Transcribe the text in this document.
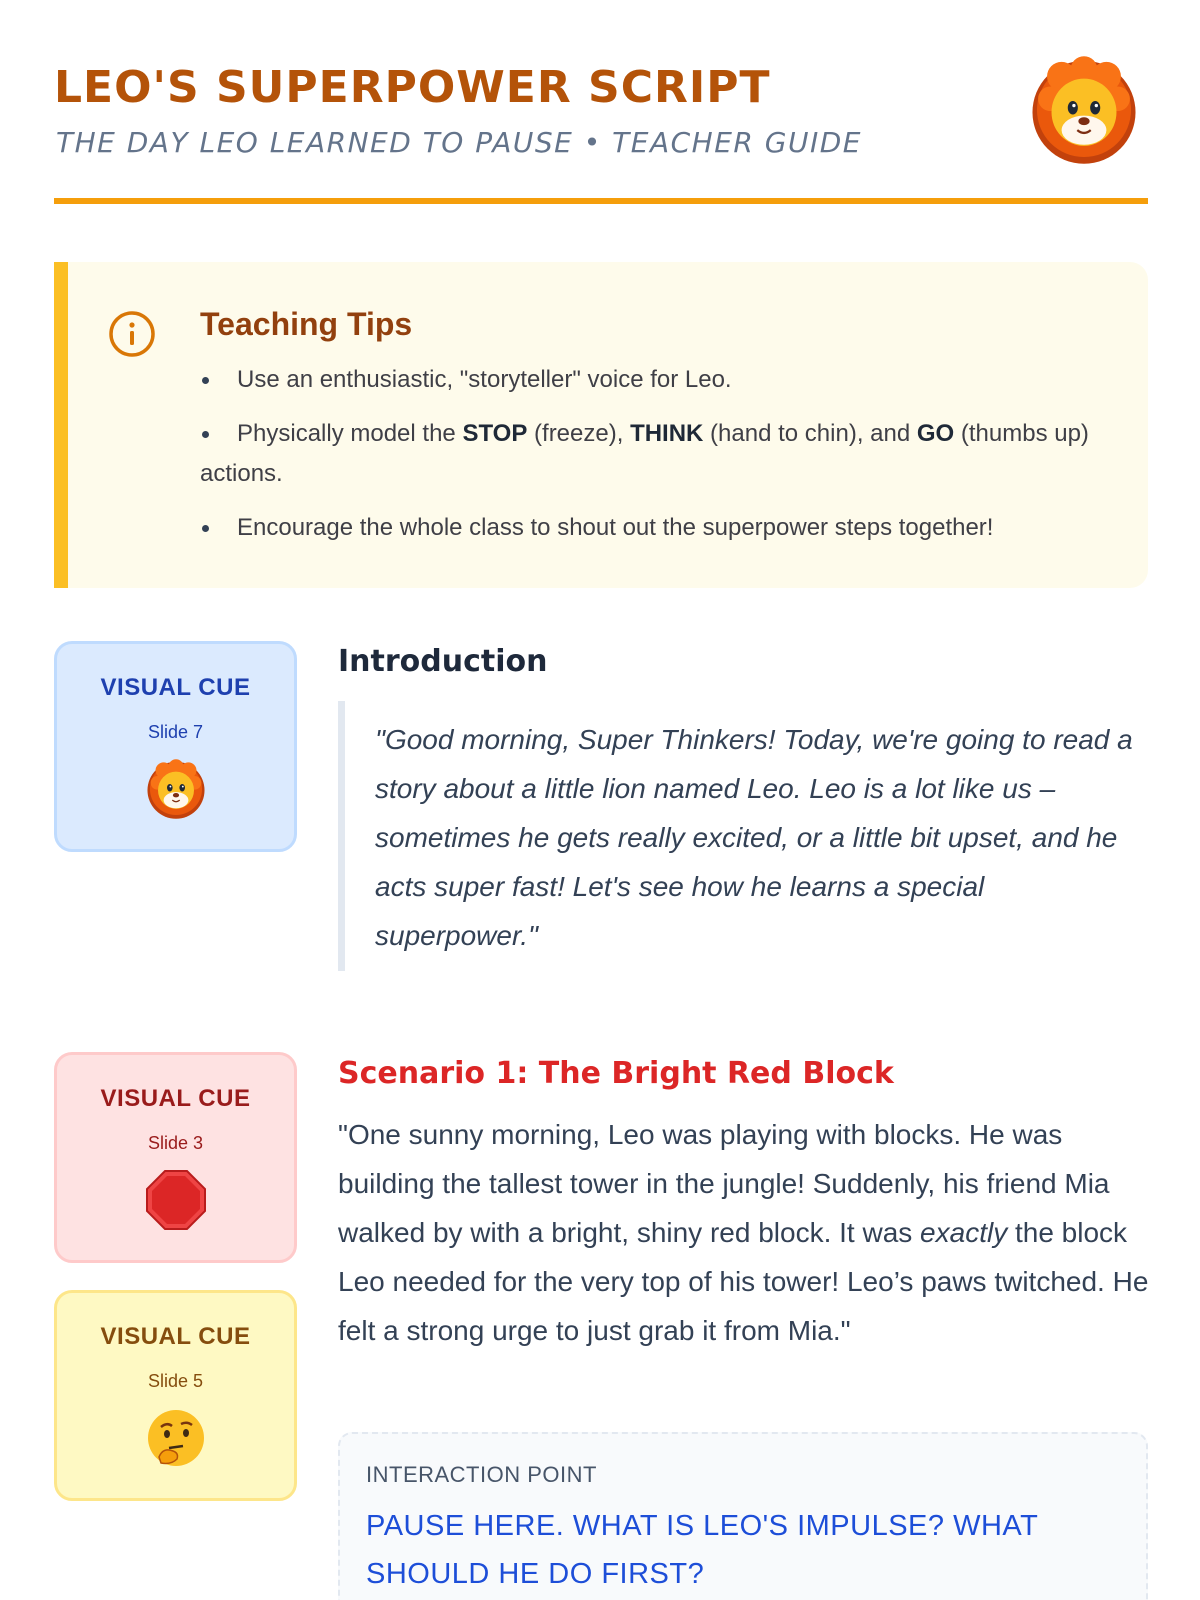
LEO'S SUPERPOWER SCRIPT
THE DAY LEO LEARNED TO PAUSE • TEACHER GUIDE
Teaching Tips
Use an enthusiastic, "storyteller" voice for Leo.
Physically model the STOP (freeze), THINK (hand to chin), and GO (thumbs up) actions.
Encourage the whole class to shout out the superpower steps together!
VISUAL CUE
Slide 7
Introduction
"Good morning, Super Thinkers! Today, we're going to read a story about a little lion named Leo. Leo is a lot like us – sometimes he gets really excited, or a little bit upset, and he acts super fast! Let's see how he learns a special superpower."
VISUAL CUE
Slide 3
VISUAL CUE
Slide 5
Scenario 1: The Bright Red Block
"One sunny morning, Leo was playing with blocks. He was building the tallest tower in the jungle! Suddenly, his friend Mia walked by with a bright, shiny red block. It was exactly the block Leo needed for the very top of his tower! Leo’s paws twitched. He felt a strong urge to just grab it from Mia."
INTERACTION POINT
PAUSE HERE. WHAT IS LEO'S IMPULSE? WHAT SHOULD HE DO FIRST?
